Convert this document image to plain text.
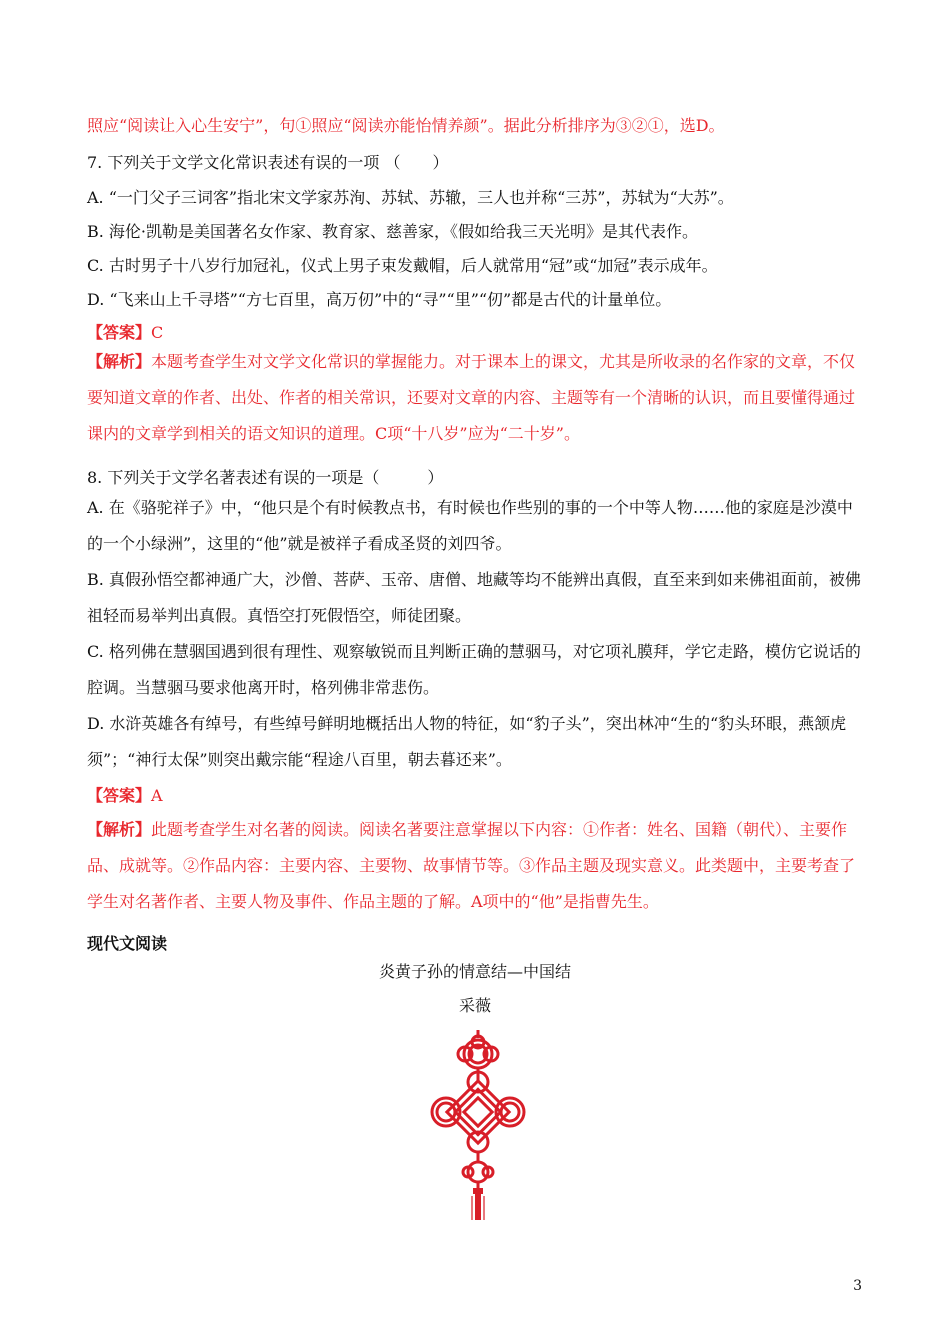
照应“阅读让入心生安宁”，句①照应“阅读亦能怡情养颜”。据此分析排序为③②①，选D。
7. 下列关于文学文化常识表述有误的一项 （　　）
A. “一门父子三词客”指北宋文学家苏洵、苏轼、苏辙，三人也并称“三苏”，苏轼为“大苏”。
B. 海伦·凯勒是美国著名女作家、教育家、慈善家，《假如给我三天光明》是其代表作。
C. 古时男子十八岁行加冠礼，仪式上男子束发戴帽，后人就常用“冠”或“加冠”表示成年。
D. “飞来山上千寻塔”“方七百里，高万仞”中的“寻”“里”“仞”都是古代的计量单位。
【答案】C
【解析】本题考查学生对文学文化常识的掌握能力。对于课本上的课文，尤其是所收录的名作家的文章，不仅要知道文章的作者、出处、作者的相关常识，还要对文章的内容、主题等有一个清晰的认识，而且要懂得通过课内的文章学到相关的语文知识的道理。C项“十八岁”应为“二十岁”。
8. 下列关于文学名著表述有误的一项是（　　　）
A. 在《骆驼祥子》中，“他只是个有时候教点书，有时候也作些别的事的一个中等人物……他的家庭是沙漠中的一个小绿洲”，这里的“他”就是被祥子看成圣贤的刘四爷。
B. 真假孙悟空都神通广大，沙僧、菩萨、玉帝、唐僧、地藏等均不能辨出真假，直至来到如来佛祖面前，被佛祖轻而易举判出真假。真悟空打死假悟空，师徒团聚。
C. 格列佛在慧骃国遇到很有理性、观察敏锐而且判断正确的慧骃马，对它项礼膜拜，学它走路，模仿它说话的腔调。当慧骃马要求他离开时，格列佛非常悲伤。
D. 水浒英雄各有绰号，有些绰号鲜明地概括出人物的特征，如“豹子头”，突出林冲“生的“豹头环眼，燕颔虎须”；“神行太保”则突出戴宗能“程途八百里，朝去暮还来”。
【答案】A
【解析】此题考查学生对名著的阅读。阅读名著要注意掌握以下内容：①作者：姓名、国籍（朝代）、主要作品、成就等。②作品内容：主要内容、主要物、故事情节等。③作品主题及现实意义。此类题中，主要考查了学生对名著作者、主要人物及事件、作品主题的了解。A项中的“他”是指曹先生。
现代文阅读
炎黄子孙的情意结—中国结
采薇
3
